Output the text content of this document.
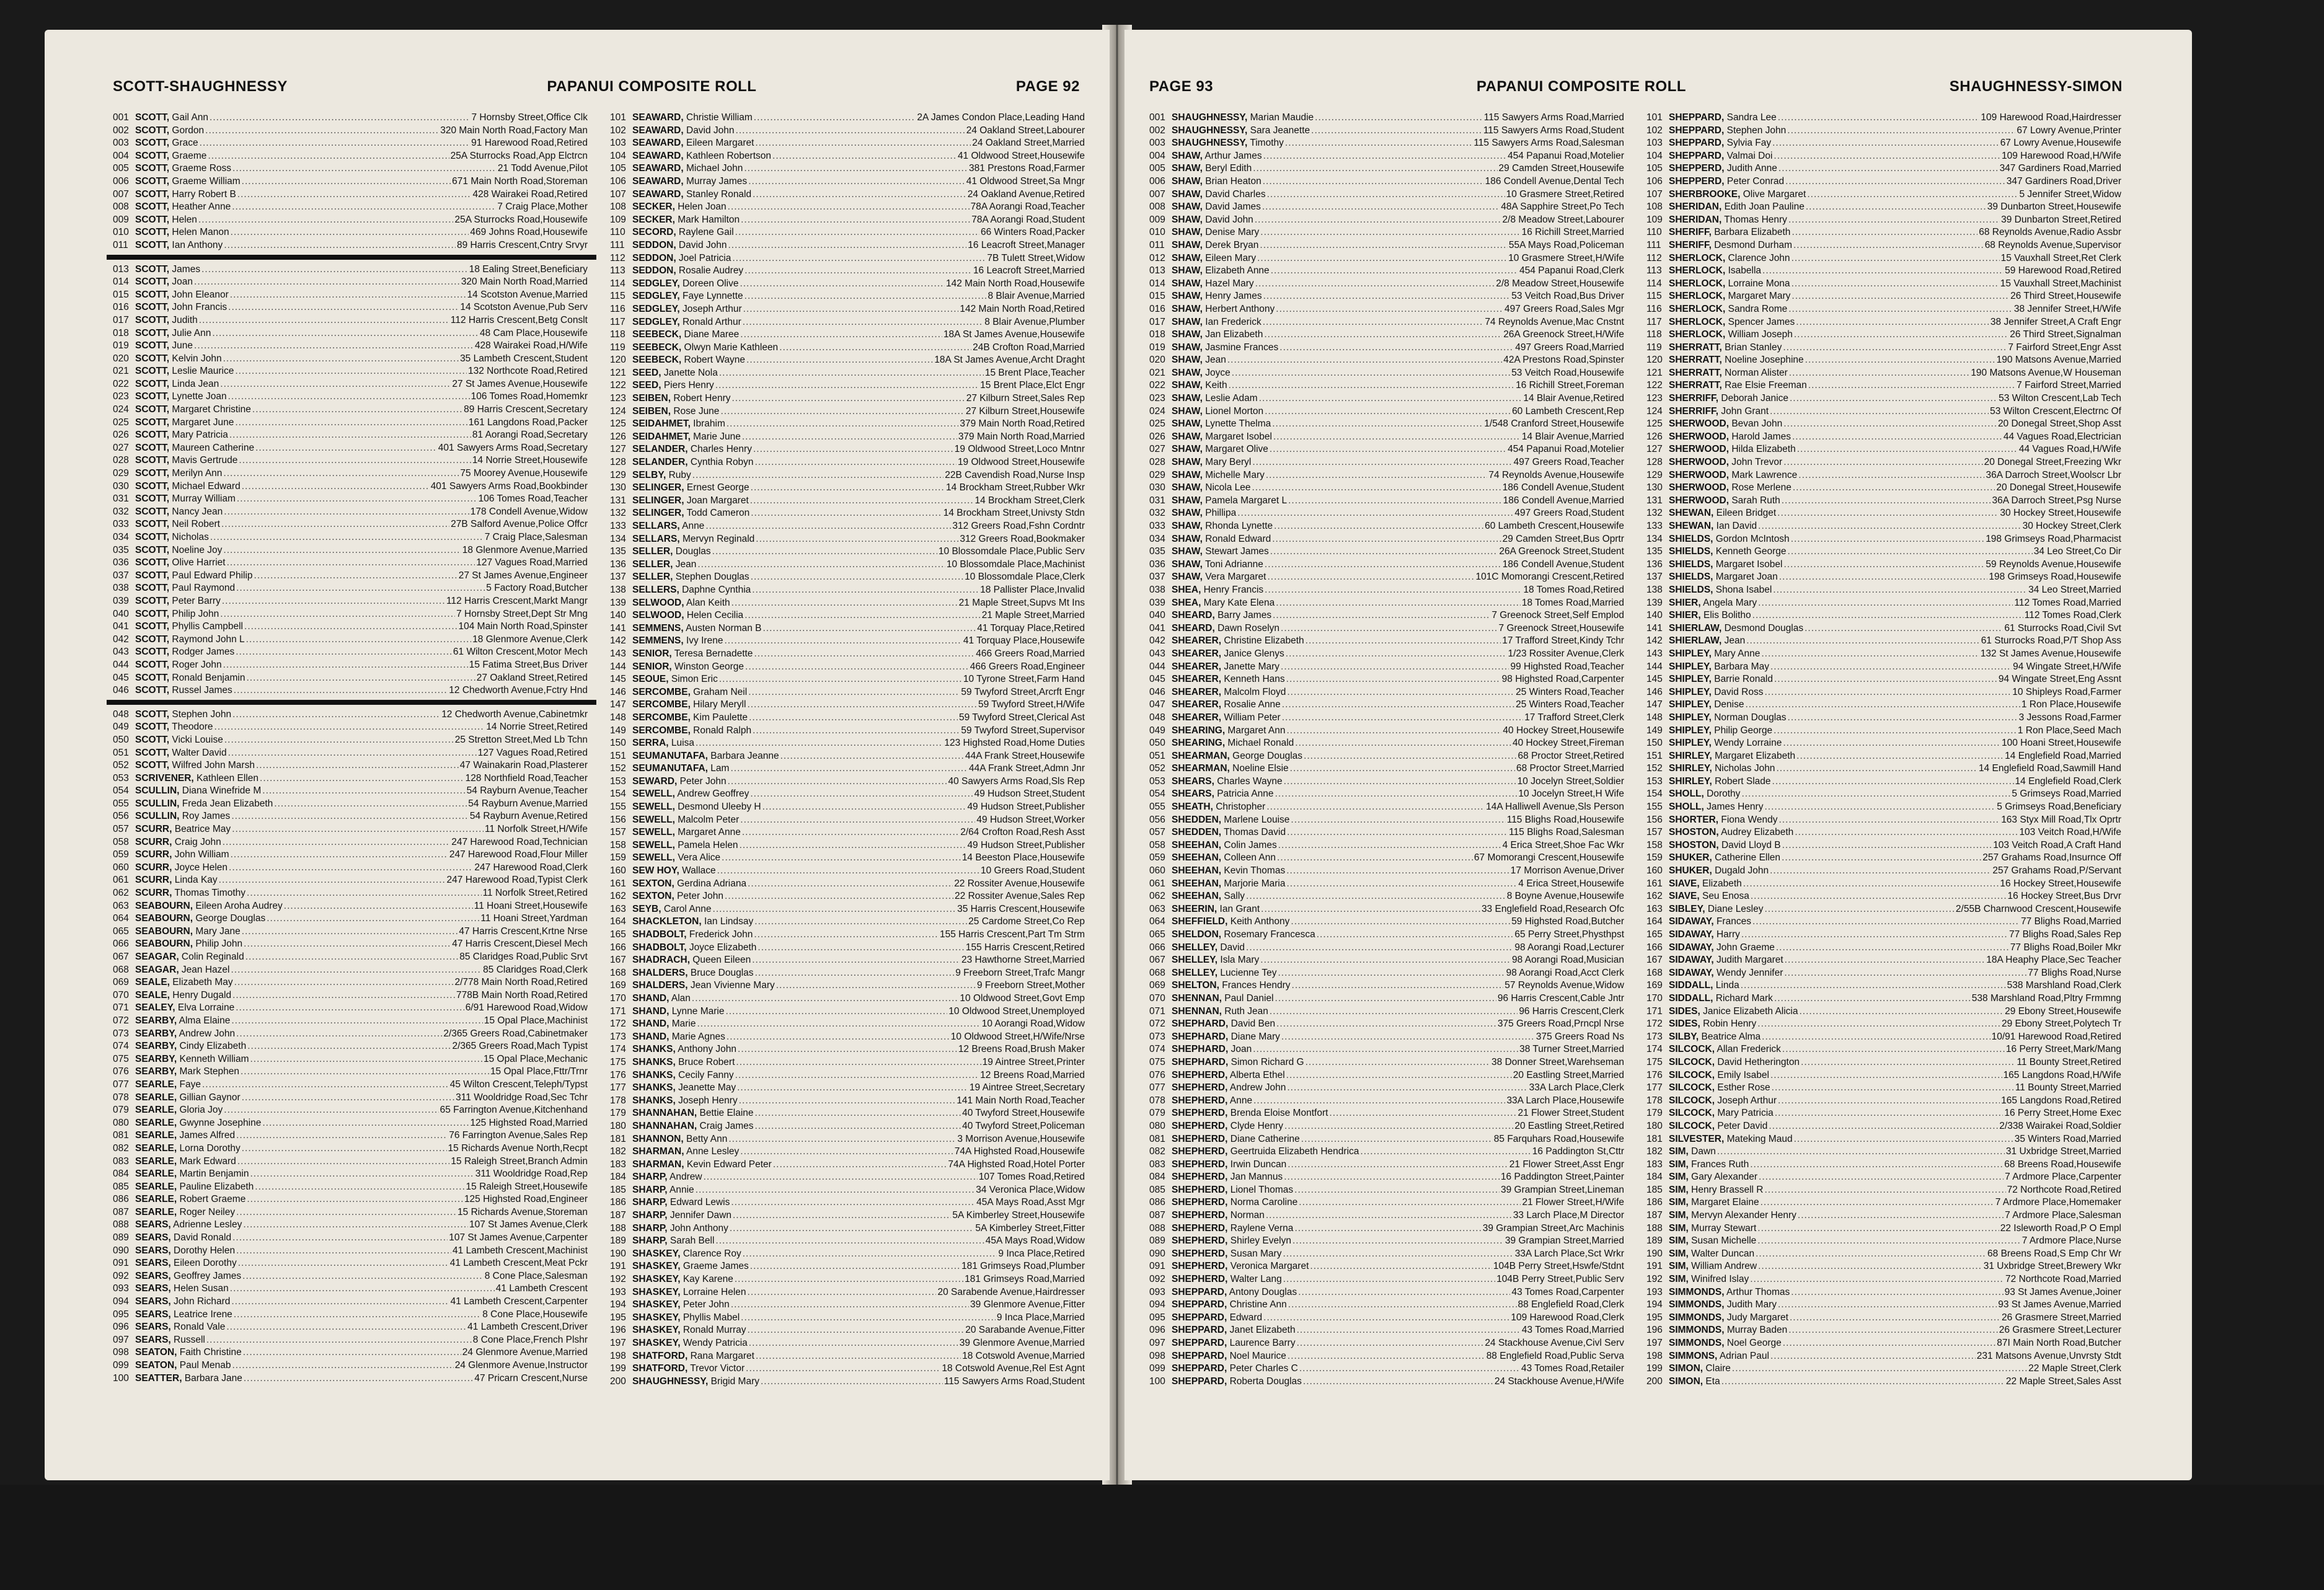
SCOTT-SHAUGHNESSY	PAPANUI COMPOSITE ROLL	PAGE 92
001 SCOTT, Gail Ann .....	7 Hornsby Street,Office Clk
002 SCOTT, Gordon .....	320 Main North Road,Factory Man
003 SCOTT, Grace .....	91 Harewood Road,Retired
004 SCOTT, Graeme .....	25A Sturrocks Road,App Elctrcn
005 SCOTT, Graeme Ross .....	21 Todd Avenue,Pilot
006 SCOTT, Graeme William .....	671 Main North Road,Storeman
007 SCOTT, Harry Robert B .....	428 Wairakei Road,Retired
008 SCOTT, Heather Anne .....	7 Craig Place,Mother
009 SCOTT, Helen .....	25A Sturrocks Road,Housewife
010 SCOTT, Helen Manon .....	469 Johns Road,Housewife
011 SCOTT, Ian Anthony .....	89 Harris Crescent,Cntry Srvyr
013 SCOTT, James .....	18 Ealing Street,Beneficiary
014 SCOTT, Joan .....	320 Main North Road,Married
015 SCOTT, John Eleanor .....	14 Scotston Avenue,Married
016 SCOTT, John Francis .....	14 Scotston Avenue,Pub Serv
017 SCOTT, Judith .....	112 Harris Crescent,Betg Conslt
018 SCOTT, Julie Ann .....	48 Cam Place,Housewife
019 SCOTT, June .....	428 Wairakei Road,H/Wife
020 SCOTT, Kelvin John .....	35 Lambeth Crescent,Student
021 SCOTT, Leslie Maurice .....	132 Northcote Road,Retired
022 SCOTT, Linda Jean .....	27 St James Avenue,Housewife
023 SCOTT, Lynette Joan .....	106 Tomes Road,Homemkr
024 SCOTT, Margaret Christine .....	89 Harris Crescent,Secretary
025 SCOTT, Margaret June .....	161 Langdons Road,Packer
026 SCOTT, Mary Patricia .....	81 Aorangi Road,Secretary
027 SCOTT, Maureen Catherine .....	401 Sawyers Arms Road,Secretary
028 SCOTT, Mavis Gertrude .....	14 Norrie Street,Housewife
029 SCOTT, Merilyn Ann .....	75 Moorey Avenue,Housewife
030 SCOTT, Michael Edward .....	401 Sawyers Arms Road,Bookbinder
031 SCOTT, Murray William .....	106 Tomes Road,Teacher
032 SCOTT, Nancy Jean .....	178 Condell Avenue,Widow
033 SCOTT, Neil Robert .....	27B Salford Avenue,Police Offcr
034 SCOTT, Nicholas .....	7 Craig Place,Salesman
035 SCOTT, Noeline Joy .....	18 Glenmore Avenue,Married
036 SCOTT, Olive Harriet .....	127 Vagues Road,Married
037 SCOTT, Paul Edward Philip .....	27 St James Avenue,Engineer
038 SCOTT, Paul Raymond .....	5 Factory Road,Butcher
039 SCOTT, Peter Barry .....	112 Harris Crescent,Markt Mangr
040 SCOTT, Philip John .....	7 Hornsby Street,Dept Str Mng
041 SCOTT, Phyllis Campbell .....	104 Main North Road,Spinster
042 SCOTT, Raymond John L .....	18 Glenmore Avenue,Clerk
043 SCOTT, Rodger James .....	61 Wilton Crescent,Motor Mech
044 SCOTT, Roger John .....	15 Fatima Street,Bus Driver
045 SCOTT, Ronald Benjamin .....	27 Oakland Street,Retired
046 SCOTT, Russel James .....	12 Chedworth Avenue,Fctry Hnd
048 SCOTT, Stephen John .....	12 Chedworth Avenue,Cabinetmkr
049 SCOTT, Theodore .....	14 Norrie Street,Retired
050 SCOTT, Vicki Louise .....	25 Stretton Street,Med Lb Tchn
051 SCOTT, Walter David .....	127 Vagues Road,Retired
052 SCOTT, Wilfred John Marsh .....	47 Wainakarin Road,Plasterer
053 SCRIVENER, Kathleen Ellen .....	128 Northfield Road,Teacher
054 SCULLIN, Diana Winefride M .....	54 Rayburn Avenue,Teacher
055 SCULLIN, Freda Jean Elizabeth .....	54 Rayburn Avenue,Married
056 SCULLIN, Roy James .....	54 Rayburn Avenue,Retired
057 SCURR, Beatrice May .....	11 Norfolk Street,H/Wife
058 SCURR, Craig John .....	247 Harewood Road,Technician
059 SCURR, John William .....	247 Harewood Road,Flour Miller
060 SCURR, Joyce Helen .....	247 Harewood Road,Clerk
061 SCURR, Linda Kay .....	247 Harewood Road,Typist Clerk
062 SCURR, Thomas Timothy .....	11 Norfolk Street,Retired
063 SEABOURN, Eileen Aroha Audrey .....	11 Hoani Street,Housewife
064 SEABOURN, George Douglas .....	11 Hoani Street,Yardman
065 SEABOURN, Mary Jane .....	47 Harris Crescent,Krtne Nrse
066 SEABOURN, Philip John .....	47 Harris Crescent,Diesel Mech
067 SEAGAR, Colin Reginald .....	85 Claridges Road,Public Srvt
068 SEAGAR, Jean Hazel .....	85 Claridges Road,Clerk
069 SEALE, Elizabeth May .....	2/778 Main North Road,Retired
070 SEALE, Henry Dugald .....	778B Main North Road,Retired
071 SEALEY, Elva Lorraine .....	6/91 Harewood Road,Widow
072 SEARBY, Alma Elaine .....	15 Opal Place,Machinist
073 SEARBY, Andrew John .....	2/365 Greers Road,Cabinetmaker
074 SEARBY, Cindy Elizabeth .....	2/365 Greers Road,Mach Typist
075 SEARBY, Kenneth William .....	15 Opal Place,Mechanic
076 SEARBY, Mark Stephen .....	15 Opal Place,Fttr/Trnr
077 SEARLE, Faye .....	45 Wilton Crescent,Teleph/Typst
078 SEARLE, Gillian Gaynor .....	311 Wooldridge Road,Sec Tchr
079 SEARLE, Gloria Joy .....	65 Farrington Avenue,Kitchenhand
080 SEARLE, Gwynne Josephine .....	125 Highsted Road,Married
081 SEARLE, James Alfred .....	76 Farrington Avenue,Sales Rep
082 SEARLE, Lorna Dorothy .....	15 Richards Avenue North,Recpt
083 SEARLE, Mark Edward .....	15 Raleigh Street,Branch Admin
084 SEARLE, Martin Benjamin .....	311 Wooldridge Road,Rep
085 SEARLE, Pauline Elizabeth .....	15 Raleigh Street,Housewife
086 SEARLE, Robert Graeme .....	125 Highsted Road,Engineer
087 SEARLE, Roger Neiley .....	15 Richards Avenue,Storeman
088 SEARS, Adrienne Lesley .....	107 St James Avenue,Clerk
089 SEARS, David Ronald .....	107 St James Avenue,Carpenter
090 SEARS, Dorothy Helen .....	41 Lambeth Crescent,Machinist
091 SEARS, Eileen Dorothy .....	41 Lambeth Crescent,Meat Pckr
092 SEARS, Geoffrey James .....	8 Cone Place,Salesman
093 SEARS, Helen Susan .....	41 Lambeth Crescent
094 SEARS, John Richard .....	41 Lambeth Crescent,Carpenter
095 SEARS, Leatrice Irene .....	8 Cone Place,Housewife
096 SEARS, Ronald Vale .....	41 Lambeth Crescent,Driver
097 SEARS, Russell .....	8 Cone Place,French Plshr
098 SEATON, Faith Christine .....	24 Glenmore Avenue,Married
099 SEATON, Paul Menab .....	24 Glenmore Avenue,Instructor
100 SEATTER, Barbara Jane .....	47 Pricarn Crescent,Nurse
101 SEAWARD, Christie William .....	2A James Condon Place,Leading Hand
102 SEAWARD, David John .....	24 Oakland Street,Labourer
103 SEAWARD, Eileen Margaret .....	24 Oakland Street,Married
104 SEAWARD, Kathleen Robertson .....	41 Oldwood Street,Housewife
105 SEAWARD, Michael John .....	381 Prestons Road,Farmer
106 SEAWARD, Murray James .....	41 Oldwood Street,Sa Mngr
107 SEAWARD, Stanley Ronald .....	24 Oakland Avenue,Retired
108 SECKER, Helen Joan .....	78A Aorangi Road,Teacher
109 SECKER, Mark Hamilton .....	78A Aorangi Road,Student
110 SECORD, Raylene Gail .....	66 Winters Road,Packer
111 SEDDON, David John .....	16 Leacroft Street,Manager
112 SEDDON, Joel Patricia .....	7B Tulett Street,Widow
113 SEDDON, Rosalie Audrey .....	16 Leacroft Street,Married
114 SEDGLEY, Doreen Olive .....	142 Main North Road,Housewife
115 SEDGLEY, Faye Lynnette .....	8 Blair Avenue,Married
116 SEDGLEY, Joseph Arthur .....	142 Main North Road,Retired
117 SEDGLEY, Ronald Arthur .....	8 Blair Avenue,Plumber
118 SEEBECK, Diane Maree .....	18A St James Avenue,Housewife
119 SEEBECK, Olwyn Marie Kathleen .....	24B Crofton Road,Married
120 SEEBECK, Robert Wayne .....	18A St James Avenue,Archt Draght
121 SEED, Janette Nola .....	15 Brent Place,Teacher
122 SEED, Piers Henry .....	15 Brent Place,Elct Engr
123 SEIBEN, Robert Henry .....	27 Kilburn Street,Sales Rep
124 SEIBEN, Rose June .....	27 Kilburn Street,Housewife
125 SEIDAHMET, Ibrahim .....	379 Main North Road,Retired
126 SEIDAHMET, Marie June .....	379 Main North Road,Married
127 SELANDER, Charles Henry .....	19 Oldwood Street,Loco Mntnr
128 SELANDER, Cynthia Robyn .....	19 Oldwood Street,Housewife
129 SELBY, Ruby .....	22B Cavendish Road,Nurse Insp
130 SELINGER, Ernest George .....	14 Brockham Street,Rubber Wkr
131 SELINGER, Joan Margaret .....	14 Brockham Street,Clerk
132 SELINGER, Todd Cameron .....	14 Brockham Street,Univsty Stdn
133 SELLARS, Anne .....	312 Greers Road,Fshn Cordntr
134 SELLARS, Mervyn Reginald .....	312 Greers Road,Bookmaker
135 SELLER, Douglas .....	10 Blossomdale Place,Public Serv
136 SELLER, Jean .....	10 Blossomdale Place,Machinist
137 SELLER, Stephen Douglas .....	10 Blossomdale Place,Clerk
138 SELLERS, Daphne Cynthia .....	18 Pallister Place,Invalid
139 SELWOOD, Alan Keith .....	21 Maple Street,Supvs Mt Ins
140 SELWOOD, Helen Cecilia .....	21 Maple Street,Married
141 SEMMENS, Austen Norman B .....	41 Torquay Place,Retired
142 SEMMENS, Ivy Irene .....	41 Torquay Place,Housewife
143 SENIOR, Teresa Bernadette .....	466 Greers Road,Married
144 SENIOR, Winston George .....	466 Greers Road,Engineer
145 SEOUE, Simon Eric .....	10 Tyrone Street,Farm Hand
146 SERCOMBE, Graham Neil .....	59 Twyford Street,Arcrft Engr
147 SERCOMBE, Hilary Meryll .....	59 Twyford Street,H/Wife
148 SERCOMBE, Kim Paulette .....	59 Twyford Street,Clerical Ast
149 SERCOMBE, Ronald Ralph .....	59 Twyford Street,Supervisor
150 SERRA, Luisa .....	123 Highsted Road,Home Duties
151 SEUMANUTAFA, Barbara Jeanne .....	44A Frank Street,Housewife
152 SEUMANUTAFA, Lam .....	44A Frank Street,Admn Jnr
153 SEWARD, Peter John .....	40 Sawyers Arms Road,Sls Rep
154 SEWELL, Andrew Geoffrey .....	49 Hudson Street,Student
155 SEWELL, Desmond Uleeby H .....	49 Hudson Street,Publisher
156 SEWELL, Malcolm Peter .....	49 Hudson Street,Worker
157 SEWELL, Margaret Anne .....	2/64 Crofton Road,Resh Asst
158 SEWELL, Pamela Helen .....	49 Hudson Street,Publisher
159 SEWELL, Vera Alice .....	14 Beeston Place,Housewife
160 SEW HOY, Wallace .....	10 Greers Road,Student
161 SEXTON, Gerdina Adriana .....	22 Rossiter Avenue,Housewife
162 SEXTON, Peter John .....	22 Rossiter Avenue,Sales Rep
163 SEYB, Carol Anne .....	35 Harris Crescent,Housewife
164 SHACKLETON, Ian Lindsay .....	25 Cardome Street,Co Rep
165 SHADBOLT, Frederick John .....	155 Harris Crescent,Part Tm Strm
166 SHADBOLT, Joyce Elizabeth .....	155 Harris Crescent,Retired
167 SHADRACH, Queen Eileen .....	23 Hawthorne Street,Married
168 SHALDERS, Bruce Douglas .....	9 Freeborn Street,Trafc Mangr
169 SHALDERS, Jean Vivienne Mary .....	9 Freeborn Street,Mother
170 SHAND, Alan .....	10 Oldwood Street,Govt Emp
171 SHAND, Lynne Marie .....	10 Oldwood Street,Unemployed
172 SHAND, Marie .....	10 Aorangi Road,Widow
173 SHAND, Marie Agnes .....	10 Oldwood Street,H/Wife/Nrse
174 SHANKS, Anthony John .....	12 Breens Road,Brush Maker
175 SHANKS, Bruce Robert .....	19 Aintree Street,Printer
176 SHANKS, Cecily Fanny .....	12 Breens Road,Married
177 SHANKS, Jeanette May .....	19 Aintree Street,Secretary
178 SHANKS, Joseph Henry .....	141 Main North Road,Teacher
179 SHANNAHAN, Bettie Elaine .....	40 Twyford Street,Housewife
180 SHANNAHAN, Craig James .....	40 Twyford Street,Policeman
181 SHANNON, Betty Ann .....	3 Morrison Avenue,Housewife
182 SHARMAN, Anne Lesley .....	74A Highsted Road,Housewife
183 SHARMAN, Kevin Edward Peter .....	74A Highsted Road,Hotel Porter
184 SHARP, Andrew .....	107 Tomes Road,Retired
185 SHARP, Annie .....	34 Veronica Place,Widow
186 SHARP, Edward Lewis .....	45A Mays Road,Asst Mgr
187 SHARP, Jennifer Dawn .....	5A Kimberley Street,Housewife
188 SHARP, John Anthony .....	5A Kimberley Street,Fitter
189 SHARP, Sarah Bell .....	45A Mays Road,Widow
190 SHASKEY, Clarence Roy .....	9 Inca Place,Retired
191 SHASKEY, Graeme James .....	181 Grimseys Road,Plumber
192 SHASKEY, Kay Karene .....	181 Grimseys Road,Married
193 SHASKEY, Lorraine Helen .....	20 Sarabende Avenue,Hairdresser
194 SHASKEY, Peter John .....	39 Glenmore Avenue,Fitter
195 SHASKEY, Phyllis Mabel .....	9 Inca Place,Married
196 SHASKEY, Ronald Murray .....	20 Sarabande Avenue,Fitter
197 SHASKEY, Wendy Patricia .....	39 Glenmore Avenue,Married
198 SHATFORD, Rana Margaret .....	18 Cotswold Avenue,Married
199 SHATFORD, Trevor Victor .....	18 Cotswold Avenue,Rel Est Agnt
200 SHAUGHNESSY, Brigid Mary .....	115 Sawyers Arms Road,Student
PAGE 93	PAPANUI COMPOSITE ROLL	SHAUGHNESSY-SIMON
001 SHAUGHNESSY, Marian Maudie .....	115 Sawyers Arms Road,Married
002 SHAUGHNESSY, Sara Jeanette .....	115 Sawyers Arms Road,Student
003 SHAUGHNESSY, Timothy .....	115 Sawyers Arms Road,Salesman
004 SHAW, Arthur James .....	454 Papanui Road,Motelier
005 SHAW, Beryl Edith .....	29 Camden Street,Housewife
006 SHAW, Brian Heaton .....	186 Condell Avenue,Dental Tech
007 SHAW, David Charles .....	10 Grasmere Street,Retired
008 SHAW, David James .....	48A Sapphire Street,Po Tech
009 SHAW, David John .....	2/8 Meadow Street,Labourer
010 SHAW, Denise Mary .....	16 Richill Street,Married
011 SHAW, Derek Bryan .....	55A Mays Road,Policeman
012 SHAW, Eileen Mary .....	10 Grasmere Street,H/Wife
013 SHAW, Elizabeth Anne .....	454 Papanui Road,Clerk
014 SHAW, Hazel Mary .....	2/8 Meadow Street,Housewife
015 SHAW, Henry James .....	53 Veitch Road,Bus Driver
016 SHAW, Herbert Anthony .....	497 Greers Road,Sales Mgr
017 SHAW, Ian Frederick .....	74 Reynolds Avenue,Mac Cnstnt
018 SHAW, Jan Elizabeth .....	26A Greenock Street,H/Wife
019 SHAW, Jasmine Frances .....	497 Greers Road,Married
020 SHAW, Jean .....	42A Prestons Road,Spinster
021 SHAW, Joyce .....	53 Veitch Road,Housewife
022 SHAW, Keith .....	16 Richill Street,Foreman
023 SHAW, Leslie Adam .....	14 Blair Avenue,Retired
024 SHAW, Lionel Morton .....	60 Lambeth Crescent,Rep
025 SHAW, Lynette Thelma .....	1/548 Cranford Street,Housewife
026 SHAW, Margaret Isobel .....	14 Blair Avenue,Married
027 SHAW, Margaret Olive .....	454 Papanui Road,Motelier
028 SHAW, Mary Beryl .....	497 Greers Road,Teacher
029 SHAW, Michelle Mary .....	74 Reynolds Avenue,Housewife
030 SHAW, Nicola Lee .....	186 Condell Avenue,Student
031 SHAW, Pamela Margaret L .....	186 Condell Avenue,Married
032 SHAW, Phillipa .....	497 Greers Road,Student
033 SHAW, Rhonda Lynette .....	60 Lambeth Crescent,Housewife
034 SHAW, Ronald Edward .....	29 Camden Street,Bus Oprtr
035 SHAW, Stewart James .....	26A Greenock Street,Student
036 SHAW, Toni Adrianne .....	186 Condell Avenue,Student
037 SHAW, Vera Margaret .....	101C Momorangi Crescent,Retired
038 SHEA, Henry Francis .....	18 Tomes Road,Retired
039 SHEA, Mary Kate Elena .....	18 Tomes Road,Married
040 SHEARD, Barry James .....	7 Greenock Street,Self Emplod
041 SHEARD, Dawn Roselyn .....	7 Greenock Street,Housewife
042 SHEARER, Christine Elizabeth .....	17 Trafford Street,Kindy Tchr
043 SHEARER, Janice Glenys .....	1/23 Rossiter Avenue,Clerk
044 SHEARER, Janette Mary .....	99 Highsted Road,Teacher
045 SHEARER, Kenneth Hans .....	98 Highsted Road,Carpenter
046 SHEARER, Malcolm Floyd .....	25 Winters Road,Teacher
047 SHEARER, Rosalie Anne .....	25 Winters Road,Teacher
048 SHEARER, William Peter .....	17 Trafford Street,Clerk
049 SHEARING, Margaret Ann .....	40 Hockey Street,Housewife
050 SHEARING, Michael Ronald .....	40 Hockey Street,Fireman
051 SHEARMAN, George Douglas .....	68 Proctor Street,Retired
052 SHEARMAN, Noeline Elsie .....	68 Proctor Street,Married
053 SHEARS, Charles Wayne .....	10 Jocelyn Street,Soldier
054 SHEARS, Patricia Anne .....	10 Jocelyn Street,H Wife
055 SHEATH, Christopher .....	14A Halliwell Avenue,Sls Person
056 SHEDDEN, Marlene Louise .....	115 Blighs Road,Housewife
057 SHEDDEN, Thomas David .....	115 Blighs Road,Salesman
058 SHEEHAN, Colin James .....	4 Erica Street,Shoe Fac Wkr
059 SHEEHAN, Colleen Ann .....	67 Momorangi Crescent,Housewife
060 SHEEHAN, Kevin Thomas .....	17 Morrison Avenue,Driver
061 SHEEHAN, Marjorie Maria .....	4 Erica Street,Housewife
062 SHEEHAN, Sally .....	8 Boyne Avenue,Housewife
063 SHEERIN, Ian Grant .....	33 Englefield Road,Research Ofc
064 SHEFFIELD, Keith Anthony .....	59 Highsted Road,Butcher
065 SHELDON, Rosemary Francesca .....	65 Perry Street,Physthpst
066 SHELLEY, David .....	98 Aorangi Road,Lecturer
067 SHELLEY, Isla Mary .....	98 Aorangi Road,Musician
068 SHELLEY, Lucienne Tey .....	98 Aorangi Road,Acct Clerk
069 SHELTON, Frances Hendry .....	57 Reynolds Avenue,Widow
070 SHENNAN, Paul Daniel .....	96 Harris Crescent,Cable Jntr
071 SHENNAN, Ruth Jean .....	96 Harris Crescent,Clerk
072 SHEPHARD, David Ben .....	375 Greers Road,Prncpl Nrse
073 SHEPHARD, Diane Mary .....	375 Greers Road Ns
074 SHEPHARD, Joan .....	38 Turner Street,Married
075 SHEPHARD, Simon Richard G .....	38 Donner Street,Warehseman
076 SHEPHERD, Alberta Ethel .....	20 Eastling Street,Married
077 SHEPHERD, Andrew John .....	33A Larch Place,Clerk
078 SHEPHERD, Anne .....	33A Larch Place,Housewife
079 SHEPHERD, Brenda Eloise Montfort .....	21 Flower Street,Student
080 SHEPHERD, Clyde Henry .....	20 Eastling Street,Retired
081 SHEPHERD, Diane Catherine .....	85 Farquhars Road,Housewife
082 SHEPHERD, Geertruida Elizabeth Hendrica .....	16 Paddington St,Cttr
083 SHEPHERD, Irwin Duncan .....	21 Flower Street,Asst Engr
084 SHEPHERD, Jan Mannus .....	16 Paddington Street,Painter
085 SHEPHERD, Lionel Thomas .....	39 Grampian Street,Lineman
086 SHEPHERD, Norma Caroline .....	21 Flower Street,H/Wife
087 SHEPHERD, Norman .....	33 Larch Place,M Director
088 SHEPHERD, Raylene Verna .....	39 Grampian Street,Arc Machinis
089 SHEPHERD, Shirley Evelyn .....	39 Grampian Street,Married
090 SHEPHERD, Susan Mary .....	33A Larch Place,Sct Wrkr
091 SHEPHERD, Veronica Margaret .....	104B Perry Street,Hswfe/Stdnt
092 SHEPHERD, Walter Lang .....	104B Perry Street,Public Serv
093 SHEPPARD, Antony Douglas .....	43 Tomes Road,Carpenter
094 SHEPPARD, Christine Ann .....	88 Englefield Road,Clerk
095 SHEPPARD, Edward .....	109 Harewood Road,Clerk
096 SHEPPARD, Janet Elizabeth .....	43 Tomes Road,Married
097 SHEPPARD, Laurence Barry .....	24 Stackhouse Avenue,Civl Serv
098 SHEPPARD, Noel Maurice .....	88 Englefield Road,Public Serva
099 SHEPPARD, Peter Charles C .....	43 Tomes Road,Retailer
100 SHEPPARD, Roberta Douglas .....	24 Stackhouse Avenue,H/Wife
101 SHEPPARD, Sandra Lee .....	109 Harewood Road,Hairdresser
102 SHEPPARD, Stephen John .....	67 Lowry Avenue,Printer
103 SHEPPARD, Sylvia Fay .....	67 Lowry Avenue,Housewife
104 SHEPPARD, Valmai Doi .....	109 Harewood Road,H/Wife
105 SHEPPERD, Judith Anne .....	347 Gardiners Road,Married
106 SHEPPERD, Peter Conrad .....	347 Gardiners Road,Driver
107 SHERBROOKE, Olive Margaret .....	5 Jennifer Street,Widow
108 SHERIDAN, Edith Joan Pauline .....	39 Dunbarton Street,Housewife
109 SHERIDAN, Thomas Henry .....	39 Dunbarton Street,Retired
110 SHERIFF, Barbara Elizabeth .....	68 Reynolds Avenue,Radio Assbr
111 SHERIFF, Desmond Durham .....	68 Reynolds Avenue,Supervisor
112 SHERLOCK, Clarence John .....	15 Vauxhall Street,Ret Clerk
113 SHERLOCK, Isabella .....	59 Harewood Road,Retired
114 SHERLOCK, Lorraine Mona .....	15 Vauxhall Street,Machinist
115 SHERLOCK, Margaret Mary .....	26 Third Street,Housewife
116 SHERLOCK, Sandra Rome .....	38 Jennifer Street,H/Wife
117 SHERLOCK, Spencer James .....	38 Jennifer Street,A Craft Engr
118 SHERLOCK, William Joseph .....	26 Third Street,Signalman
119 SHERRATT, Brian Stanley .....	7 Fairford Street,Engr Asst
120 SHERRATT, Noeline Josephine .....	190 Matsons Avenue,Married
121 SHERRATT, Norman Alister .....	190 Matsons Avenue,W Houseman
122 SHERRATT, Rae Elsie Freeman .....	7 Fairford Street,Married
123 SHERRIFF, Deborah Janice .....	53 Wilton Crescent,Lab Tech
124 SHERRIFF, John Grant .....	53 Wilton Crescent,Electrnc Of
125 SHERWOOD, Bevan John .....	20 Donegal Street,Shop Asst
126 SHERWOOD, Harold James .....	44 Vagues Road,Electrician
127 SHERWOOD, Hilda Elizabeth .....	44 Vagues Road,H/Wife
128 SHERWOOD, John Trevor .....	20 Donegal Street,Freezing Wkr
129 SHERWOOD, Mark Lawrence .....	36A Darroch Street,Woolscr Lbr
130 SHERWOOD, Rose Merlene .....	20 Donegal Street,Housewife
131 SHERWOOD, Sarah Ruth .....	36A Darroch Street,Psg Nurse
132 SHEWAN, Eileen Bridget .....	30 Hockey Street,Housewife
133 SHEWAN, Ian David .....	30 Hockey Street,Clerk
134 SHIELDS, Gordon McIntosh .....	198 Grimseys Road,Pharmacist
135 SHIELDS, Kenneth George .....	34 Leo Street,Co Dir
136 SHIELDS, Margaret Isobel .....	59 Reynolds Avenue,Housewife
137 SHIELDS, Margaret Joan .....	198 Grimseys Road,Housewife
138 SHIELDS, Shona Isabel .....	34 Leo Street,Married
139 SHIER, Angela Mary .....	112 Tomes Road,Married
140 SHIER, Elis Bolitho .....	112 Tomes Road,Clerk
141 SHIERLAW, Desmond Douglas .....	61 Sturrocks Road,Civil Svt
142 SHIERLAW, Jean .....	61 Sturrocks Road,P/T Shop Ass
143 SHIPLEY, Mary Anne .....	132 St James Avenue,Housewife
144 SHIPLEY, Barbara May .....	94 Wingate Street,H/Wife
145 SHIPLEY, Barrie Ronald .....	94 Wingate Street,Eng Assnt
146 SHIPLEY, David Ross .....	10 Shipleys Road,Farmer
147 SHIPLEY, Denise .....	1 Ron Place,Housewife
148 SHIPLEY, Norman Douglas .....	3 Jessons Road,Farmer
149 SHIPLEY, Philip George .....	1 Ron Place,Seed Mach
150 SHIPLEY, Wendy Lorraine .....	100 Hoani Street,Housewife
151 SHIRLEY, Margaret Elizabeth .....	14 Englefield Road,Married
152 SHIRLEY, Nicholas John .....	14 Englefield Road,Sawmill Hand
153 SHIRLEY, Robert Slade .....	14 Englefield Road,Clerk
154 SHOLL, Dorothy .....	5 Grimseys Road,Married
155 SHOLL, James Henry .....	5 Grimseys Road,Beneficiary
156 SHORTER, Fiona Wendy .....	163 Styx Mill Road,Tlx Oprtr
157 SHOSTON, Audrey Elizabeth .....	103 Veitch Road,H/Wife
158 SHOSTON, David Lloyd B .....	103 Veitch Road,A Craft Hand
159 SHUKER, Catherine Ellen .....	257 Grahams Road,Insurnce Off
160 SHUKER, Dugald John .....	257 Grahams Road,P/Servant
161 SIAVE, Elizabeth .....	16 Hockey Street,Housewife
162 SIAVE, Seu Enosa .....	16 Hockey Street,Bus Drvr
163 SIBLEY, Diane Lesley .....	2/55B Charnwood Crescent,Housewife
164 SIDAWAY, Frances .....	77 Blighs Road,Married
165 SIDAWAY, Harry .....	77 Blighs Road,Sales Rep
166 SIDAWAY, John Graeme .....	77 Blighs Road,Boiler Mkr
167 SIDAWAY, Judith Margaret .....	18A Heaphy Place,Sec Teacher
168 SIDAWAY, Wendy Jennifer .....	77 Blighs Road,Nurse
169 SIDDALL, Linda .....	538 Marshland Road,Clerk
170 SIDDALL, Richard Mark .....	538 Marshland Road,Pltry Frmmng
171 SIDES, Janice Elizabeth Alicia .....	29 Ebony Street,Housewife
172 SIDES, Robin Henry .....	29 Ebony Street,Polytech Tr
173 SILBY, Beatrice Alma .....	10/91 Harewood Road,Retired
174 SILCOCK, Allan Frederick .....	16 Perry Street,Mark/Mang
175 SILCOCK, David Hetherington .....	11 Bounty Street,Retired
176 SILCOCK, Emily Isabel .....	165 Langdons Road,H/Wife
177 SILCOCK, Esther Rose .....	11 Bounty Street,Married
178 SILCOCK, Joseph Arthur .....	165 Langdons Road,Retired
179 SILCOCK, Mary Patricia .....	16 Perry Street,Home Exec
180 SILCOCK, Peter David .....	2/338 Wairakei Road,Soldier
181 SILVESTER, Mateking Maud .....	35 Winters Road,Married
182 SIM, Dawn .....	31 Uxbridge Street,Married
183 SIM, Frances Ruth .....	68 Breens Road,Housewife
184 SIM, Gary Alexander .....	7 Ardmore Place,Carpenter
185 SIM, Henry Brassell R .....	72 Northcote Road,Retired
186 SIM, Margaret Elaine .....	7 Ardmore Place,Homemaker
187 SIM, Mervyn Alexander Henry .....	7 Ardmore Place,Salesman
188 SIM, Murray Stewart .....	22 Isleworth Road,P O Empl
189 SIM, Susan Michelle .....	7 Ardmore Place,Nurse
190 SIM, Walter Duncan .....	68 Breens Road,S Emp Chr Wr
191 SIM, William Andrew .....	31 Uxbridge Street,Brewery Wkr
192 SIM, Winifred Islay .....	72 Northcote Road,Married
193 SIMMONDS, Arthur Thomas .....	93 St James Avenue,Joiner
194 SIMMONDS, Judith Mary .....	93 St James Avenue,Married
195 SIMMONDS, Judy Margaret .....	26 Grasmere Street,Married
196 SIMMONDS, Murray Baden .....	26 Grasmere Street,Lecturer
197 SIMMONDS, Noel George .....	87I Main North Road,Butcher
198 SIMMONS, Adrian Paul .....	231 Matsons Avenue,Unvrsty Stdt
199 SIMON, Claire .....	22 Maple Street,Clerk
200 SIMON, Eta .....	22 Maple Street,Sales Asst
